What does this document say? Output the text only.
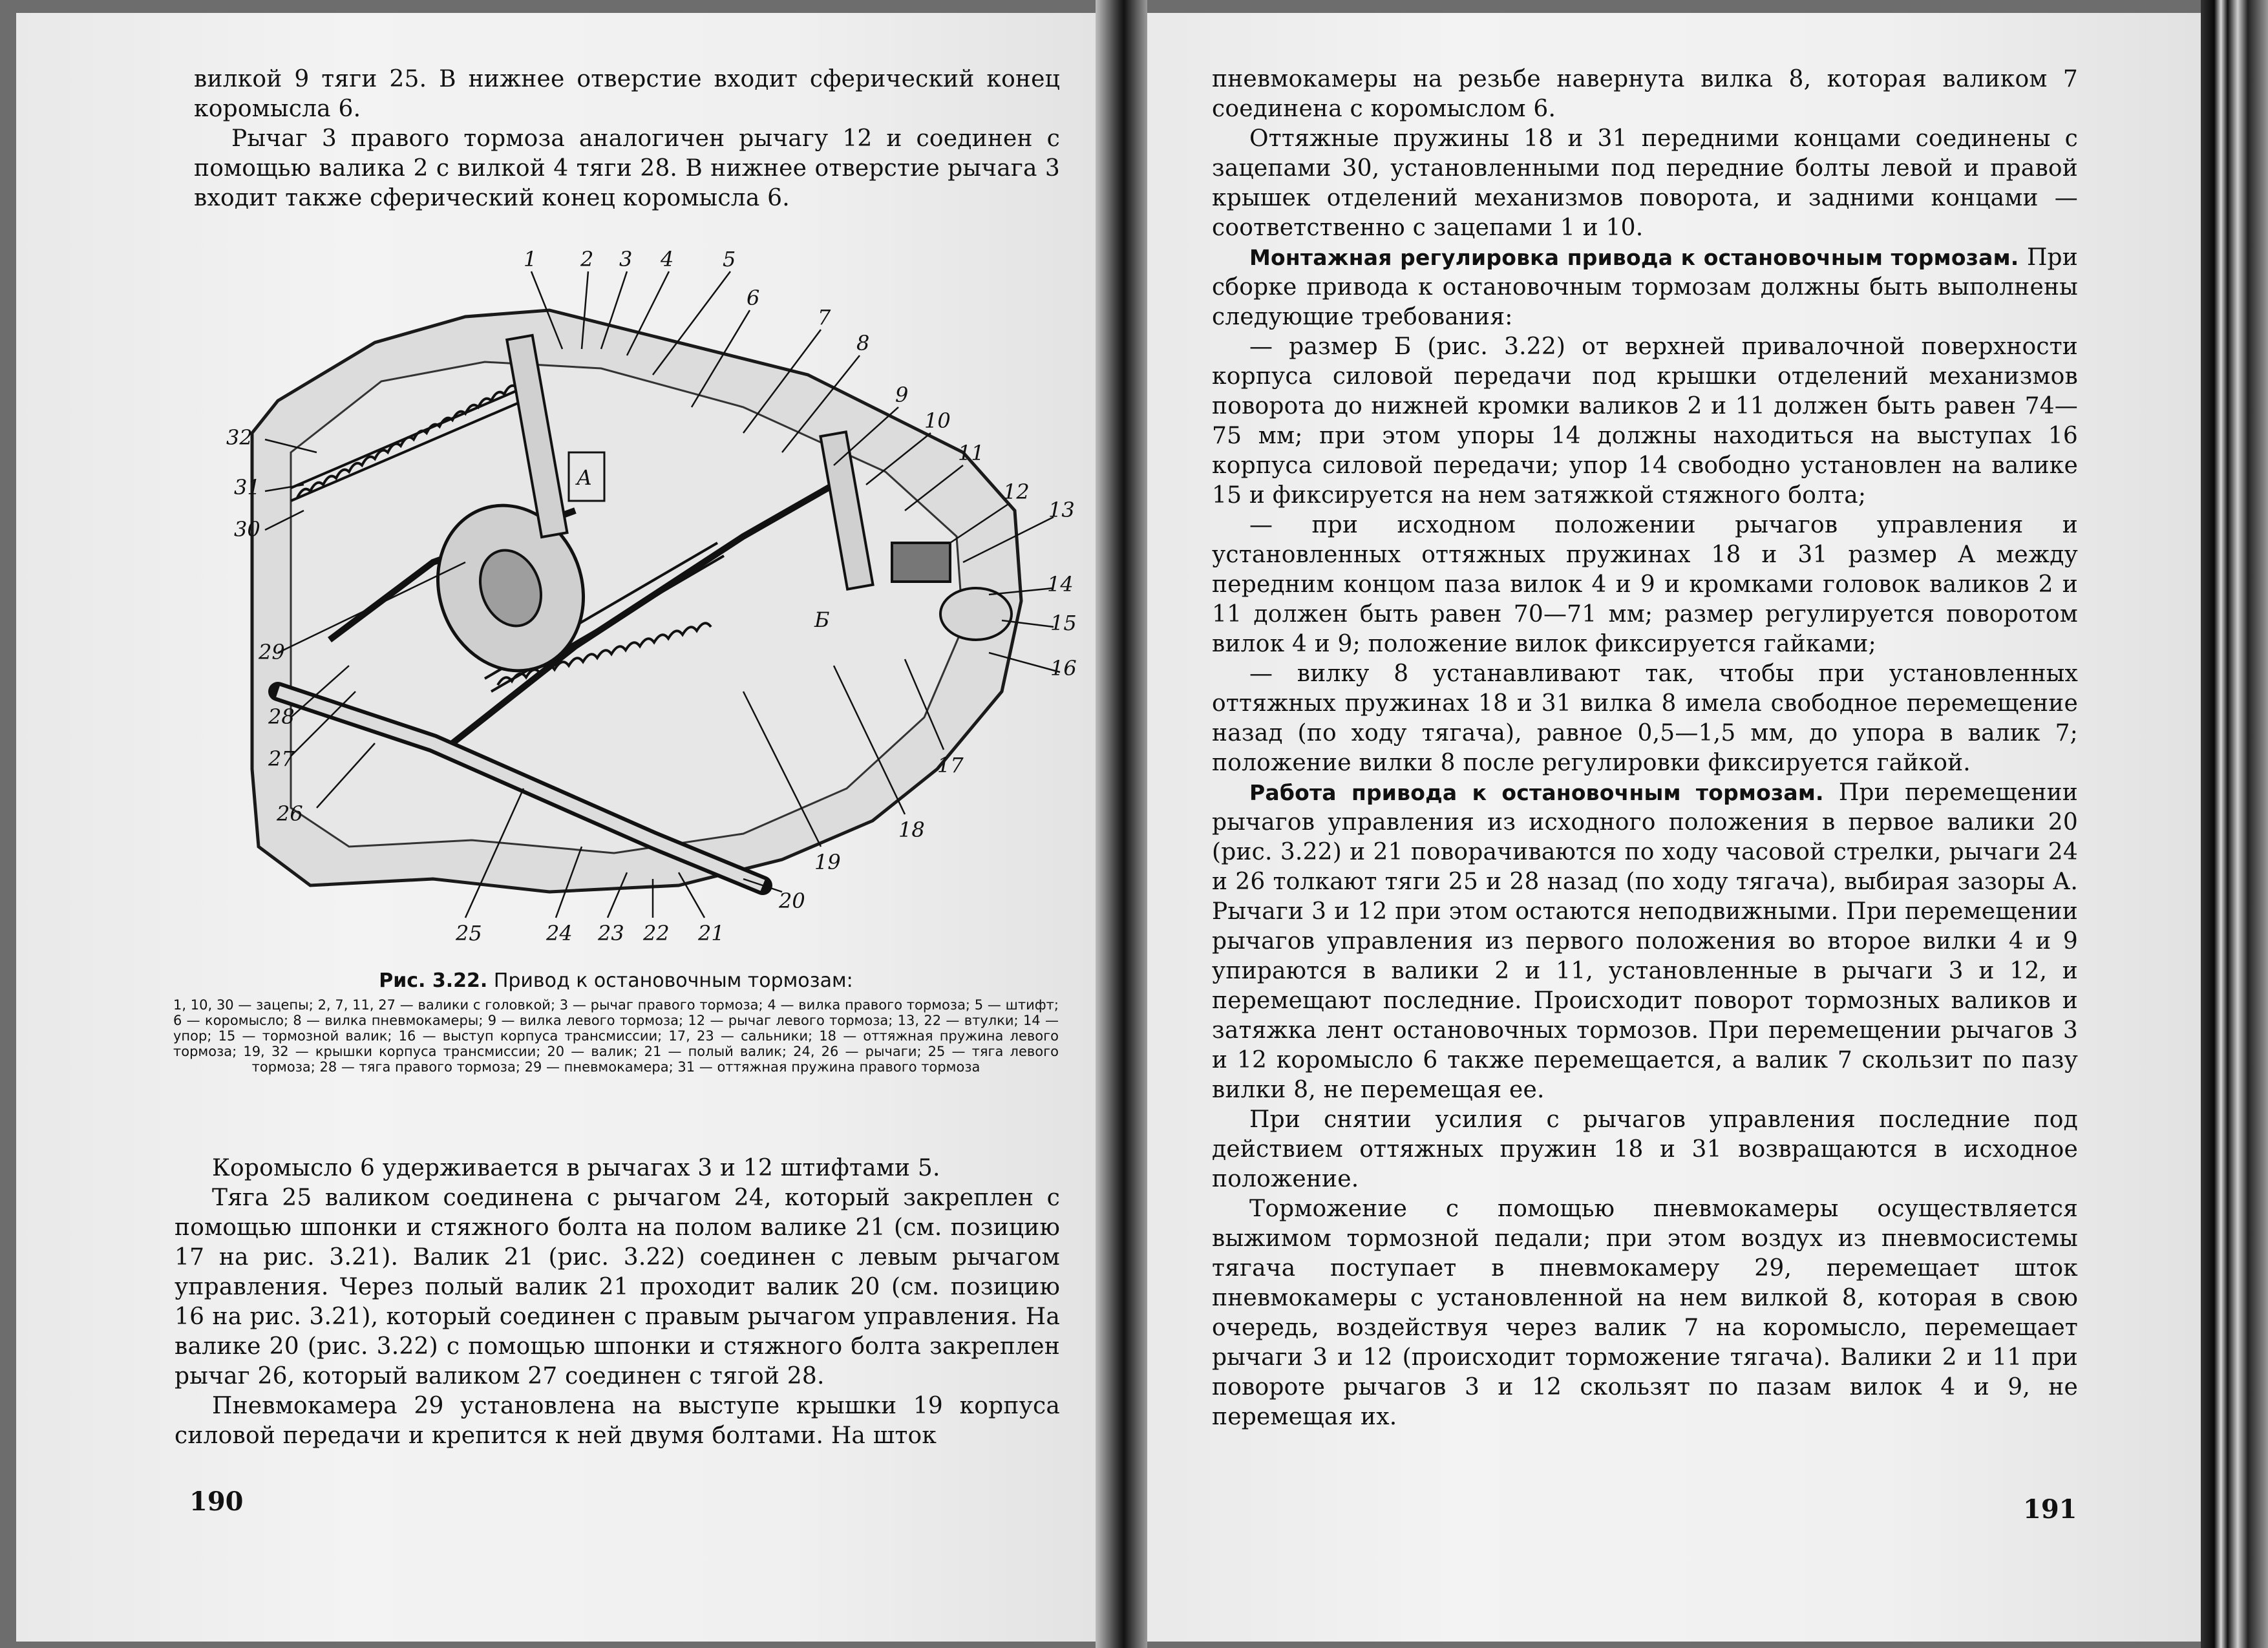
вилкой 9 тяги 25. В нижнее отверстие входит сферический конец коромысла 6.

Рычаг 3 правого тормоза аналогичен рычагу 12 и соединен с помощью валика 2 с вилкой 4 тяги 28. В нижнее отверстие рычага 3 входит также сферический конец коромысла 6.

А
Б
1 2 3 4 5
6
7
8
9
10
11
12
13
14
15
16
17
18
19
20
21
22
23
24
25
26
27
28
29
30
31
32
Рис. 3.22. Привод к остановочным тормозам:
1, 10, 30 — зацепы; 2, 7, 11, 27 — валики с головкой; 3 — рычаг правого тормоза; 4 — вилка правого тормоза; 5 — штифт; 6 — коромысло; 8 — вилка пневмокамеры; 9 — вилка левого тормоза; 12 — рычаг левого тормоза; 13, 22 — втулки; 14 — упор; 15 — тормозной валик; 16 — выступ корпуса трансмиссии; 17, 23 — сальники; 18 — оттяжная пружина левого тормоза; 19, 32 — крышки корпуса трансмиссии; 20 — валик; 21 — полый валик; 24, 26 — рычаги; 25 — тяга левого тормоза; 28 — тяга правого тормоза; 29 — пневмокамера; 31 — оттяжная пружина правого тормоза

Коромысло 6 удерживается в рычагах 3 и 12 штифтами 5.

Тяга 25 валиком соединена с рычагом 24, который закреплен с помощью шпонки и стяжного болта на полом валике 21 (см. позицию 17 на рис. 3.21). Валик 21 (рис. 3.22) соединен с левым рычагом управления. Через полый валик 21 проходит валик 20 (см. позицию 16 на рис. 3.21), который соединен с правым рычагом управления. На валике 20 (рис. 3.22) с помощью шпонки и стяжного болта закреплен рычаг 26, который валиком 27 соединен с тягой 28.

Пневмокамера 29 установлена на выступе крышки 19 корпуса силовой передачи и крепится к ней двумя болтами. На шток

190

пневмокамеры на резьбе навернута вилка 8, которая валиком 7 соединена с коромыслом 6.

Оттяжные пружины 18 и 31 передними концами соединены с зацепами 30, установленными под передние болты левой и правой крышек отделений механизмов поворота, и задними концами — соответственно с зацепами 1 и 10.

Монтажная регулировка привода к остановочным тормозам. При сборке привода к остановочным тормозам должны быть выполнены следующие требования:

— размер Б (рис. 3.22) от верхней привалочной поверхности корпуса силовой передачи под крышки отделений механизмов поворота до нижней кромки валиков 2 и 11 должен быть равен 74—75 мм; при этом упоры 14 должны находиться на выступах 16 корпуса силовой передачи; упор 14 свободно установлен на валике 15 и фиксируется на нем затяжкой стяжного болта;

— при исходном положении рычагов управления и установленных оттяжных пружинах 18 и 31 размер А между передним концом паза вилок 4 и 9 и кромками головок валиков 2 и 11 должен быть равен 70—71 мм; размер регулируется поворотом вилок 4 и 9; положение вилок фиксируется гайками;

— вилку 8 устанавливают так, чтобы при установленных оттяжных пружинах 18 и 31 вилка 8 имела свободное перемещение назад (по ходу тягача), равное 0,5—1,5 мм, до упора в валик 7; положение вилки 8 после регулировки фиксируется гайкой.

Работа привода к остановочным тормозам. При перемещении рычагов управления из исходного положения в первое валики 20 (рис. 3.22) и 21 поворачиваются по ходу часовой стрелки, рычаги 24 и 26 толкают тяги 25 и 28 назад (по ходу тягача), выбирая зазоры А. Рычаги 3 и 12 при этом остаются неподвижными. При перемещении рычагов управления из первого положения во второе вилки 4 и 9 упираются в валики 2 и 11, установленные в рычаги 3 и 12, и перемещают последние. Происходит поворот тормозных валиков и затяжка лент остановочных тормозов. При перемещении рычагов 3 и 12 коромысло 6 также перемещается, а валик 7 скользит по пазу вилки 8, не перемещая ее.

При снятии усилия с рычагов управления последние под действием оттяжных пружин 18 и 31 возвращаются в исходное положение.

Торможение с помощью пневмокамеры осуществляется выжимом тормозной педали; при этом воздух из пневмосистемы тягача поступает в пневмокамеру 29, перемещает шток пневмокамеры с установленной на нем вилкой 8, которая в свою очередь, воздействуя через валик 7 на коромысло, перемещает рычаги 3 и 12 (происходит торможение тягача). Валики 2 и 11 при повороте рычагов 3 и 12 скользят по пазам вилок 4 и 9, не перемещая их.

191
